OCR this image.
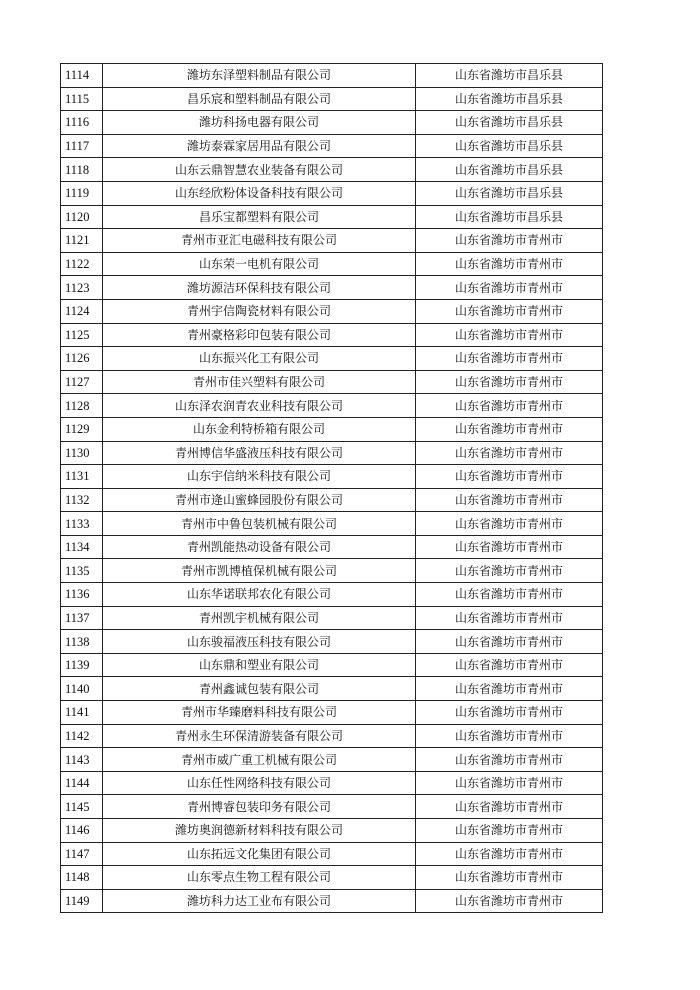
1114	潍坊东泽塑料制品有限公司	山东省潍坊市昌乐县
1115	昌乐宸和塑料制品有限公司	山东省潍坊市昌乐县
1116	潍坊科扬电器有限公司	山东省潍坊市昌乐县
1117	潍坊泰霖家居用品有限公司	山东省潍坊市昌乐县
1118	山东云鼎智慧农业装备有限公司	山东省潍坊市昌乐县
1119	山东经欣粉体设备科技有限公司	山东省潍坊市昌乐县
1120	昌乐宝都塑料有限公司	山东省潍坊市昌乐县
1121	青州市亚汇电磁科技有限公司	山东省潍坊市青州市
1122	山东荣一电机有限公司	山东省潍坊市青州市
1123	潍坊源洁环保科技有限公司	山东省潍坊市青州市
1124	青州宇信陶瓷材料有限公司	山东省潍坊市青州市
1125	青州豪格彩印包装有限公司	山东省潍坊市青州市
1126	山东振兴化工有限公司	山东省潍坊市青州市
1127	青州市佳兴塑料有限公司	山东省潍坊市青州市
1128	山东泽农润青农业科技有限公司	山东省潍坊市青州市
1129	山东金利特桥箱有限公司	山东省潍坊市青州市
1130	青州博信华盛液压科技有限公司	山东省潍坊市青州市
1131	山东宇信纳米科技有限公司	山东省潍坊市青州市
1132	青州市逄山蜜蜂园股份有限公司	山东省潍坊市青州市
1133	青州市中鲁包装机械有限公司	山东省潍坊市青州市
1134	青州凯能热动设备有限公司	山东省潍坊市青州市
1135	青州市凯博植保机械有限公司	山东省潍坊市青州市
1136	山东华诺联邦农化有限公司	山东省潍坊市青州市
1137	青州凯宇机械有限公司	山东省潍坊市青州市
1138	山东骏福液压科技有限公司	山东省潍坊市青州市
1139	山东鼎和塑业有限公司	山东省潍坊市青州市
1140	青州鑫诚包装有限公司	山东省潍坊市青州市
1141	青州市华臻磨料科技有限公司	山东省潍坊市青州市
1142	青州永生环保清游装备有限公司	山东省潍坊市青州市
1143	青州市威广重工机械有限公司	山东省潍坊市青州市
1144	山东任性网络科技有限公司	山东省潍坊市青州市
1145	青州博睿包装印务有限公司	山东省潍坊市青州市
1146	潍坊奥润德新材料科技有限公司	山东省潍坊市青州市
1147	山东拓远文化集团有限公司	山东省潍坊市青州市
1148	山东零点生物工程有限公司	山东省潍坊市青州市
1149	潍坊科力达工业布有限公司	山东省潍坊市青州市
